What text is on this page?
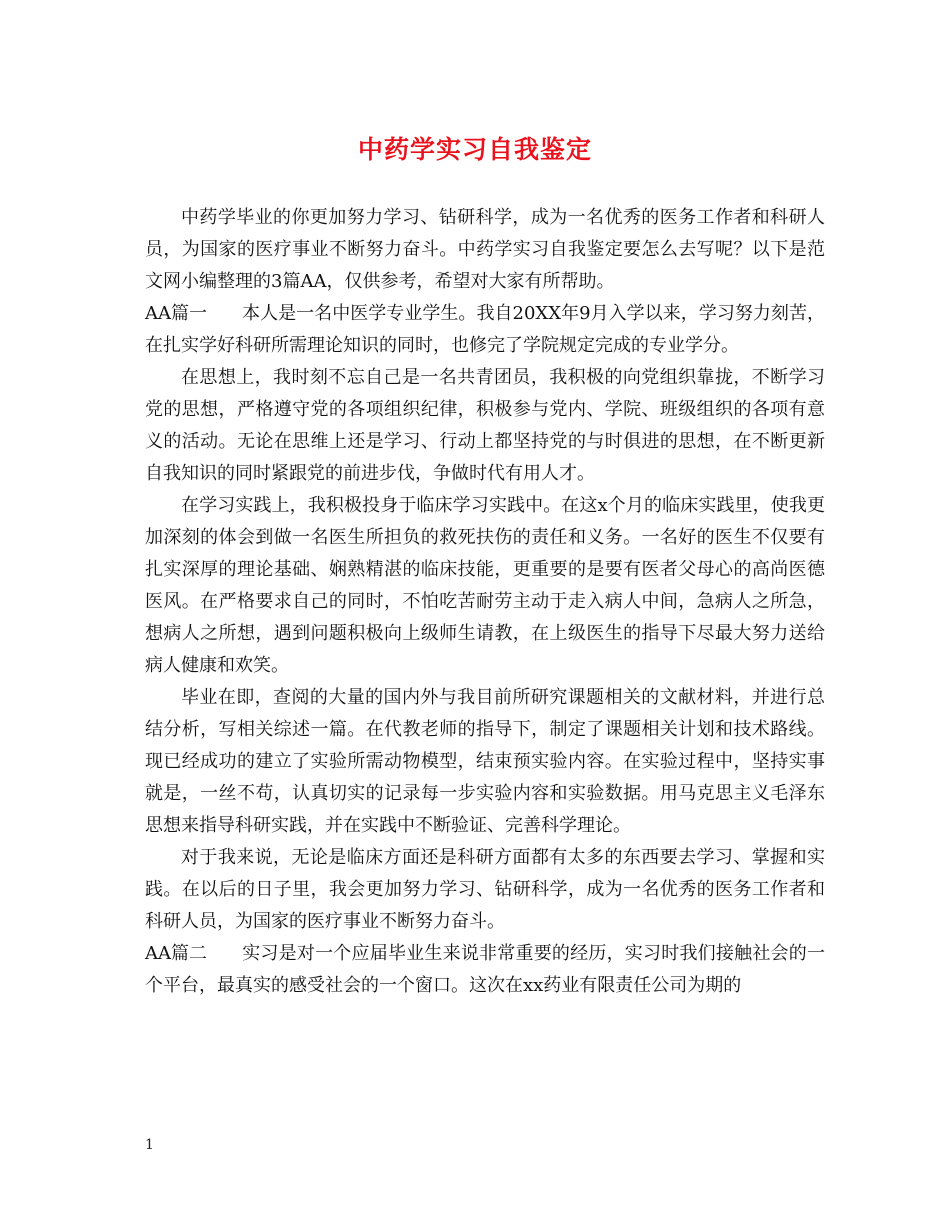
中药学实习自我鉴定

中药学毕业的你更加努力学习、钻研科学，成为一名优秀的医务工作者和科研人员，为国家的医疗事业不断努力奋斗。中药学实习自我鉴定要怎么去写呢？以下是范文网小编整理的3篇AA，仅供参考，希望对大家有所帮助。

AA篇一 本人是一名中医学专业学生。我自20XX年9月入学以来，学习努力刻苦，在扎实学好科研所需理论知识的同时，也修完了学院规定完成的专业学分。

在思想上，我时刻不忘自己是一名共青团员，我积极的向党组织靠拢，不断学习党的思想，严格遵守党的各项组织纪律，积极参与党内、学院、班级组织的各项有意义的活动。无论在思维上还是学习、行动上都坚持党的与时俱进的思想，在不断更新自我知识的同时紧跟党的前进步伐，争做时代有用人才。

在学习实践上，我积极投身于临床学习实践中。在这x个月的临床实践里，使我更加深刻的体会到做一名医生所担负的救死扶伤的责任和义务。一名好的医生不仅要有扎实深厚的理论基础、娴熟精湛的临床技能，更重要的是要有医者父母心的高尚医德医风。在严格要求自己的同时，不怕吃苦耐劳主动于走入病人中间，急病人之所急，想病人之所想，遇到问题积极向上级师生请教，在上级医生的指导下尽最大努力送给病人健康和欢笑。

毕业在即，查阅的大量的国内外与我目前所研究课题相关的文献材料，并进行总结分析，写相关综述一篇。在代教老师的指导下，制定了课题相关计划和技术路线。现已经成功的建立了实验所需动物模型，结束预实验内容。在实验过程中，坚持实事就是，一丝不苟，认真切实的记录每一步实验内容和实验数据。用马克思主义毛泽东思想来指导科研实践，并在实践中不断验证、完善科学理论。

对于我来说，无论是临床方面还是科研方面都有太多的东西要去学习、掌握和实践。在以后的日子里，我会更加努力学习、钻研科学，成为一名优秀的医务工作者和科研人员，为国家的医疗事业不断努力奋斗。

AA篇二 实习是对一个应届毕业生来说非常重要的经历，实习时我们接触社会的一个平台，最真实的感受社会的一个窗口。这次在xx药业有限责任公司为期的

1
